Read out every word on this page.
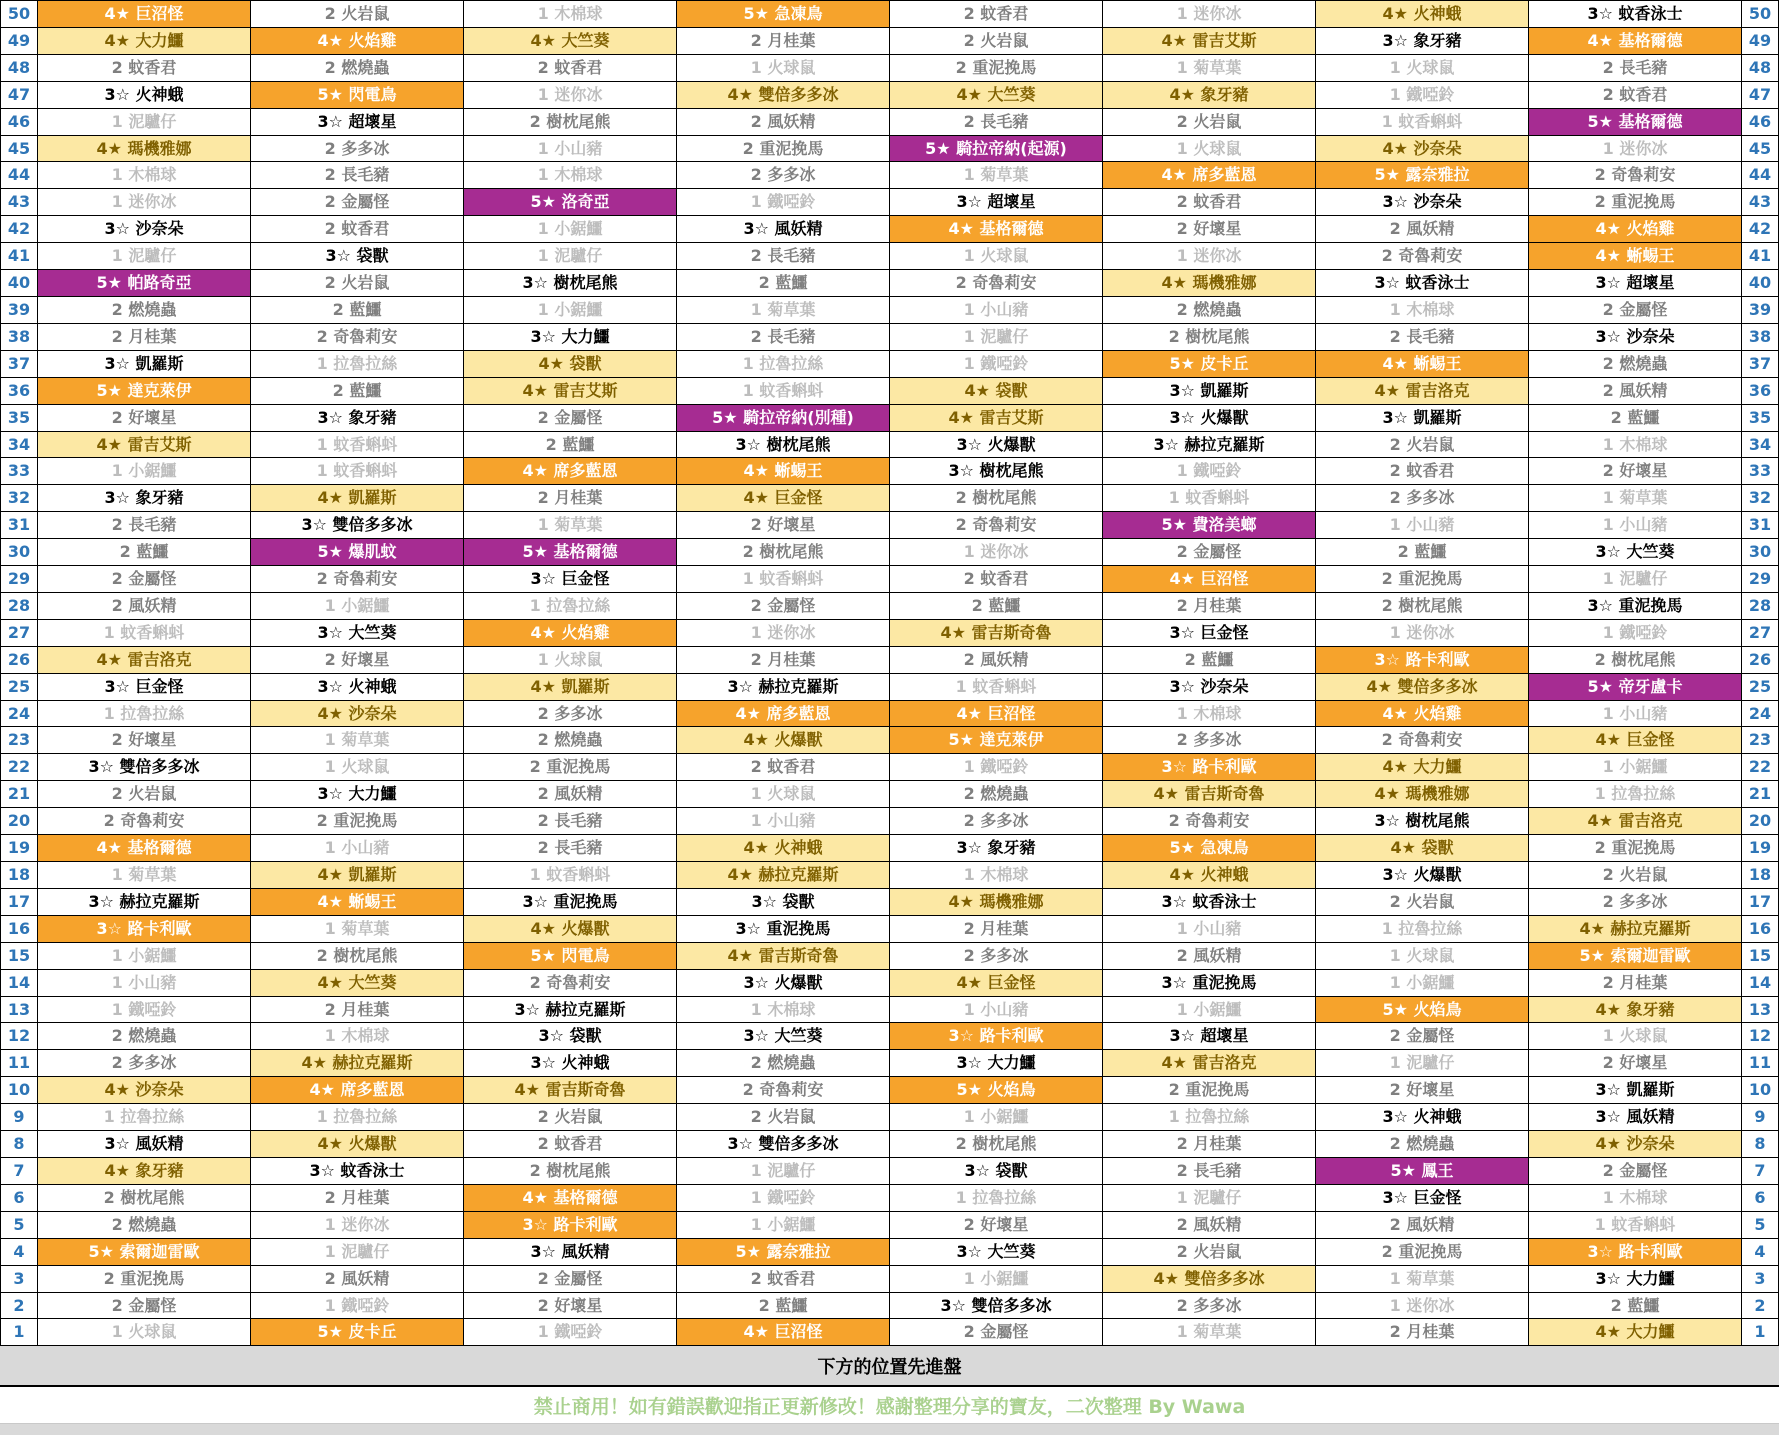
50	4★ 巨沼怪	2 火岩鼠	1 木棉球	5★ 急凍鳥	2 蚊香君	1 迷你冰	4★ 火神蛾	3☆ 蚊香泳士	50
49	4★ 大力鱷	4★ 火焰雞	4★ 大竺葵	2 月桂葉	2 火岩鼠	4★ 雷吉艾斯	3☆ 象牙豬	4★ 基格爾德	49
48	2 蚊香君	2 燃燒蟲	2 蚊香君	1 火球鼠	2 重泥挽馬	1 菊草葉	1 火球鼠	2 長毛豬	48
47	3☆ 火神蛾	5★ 閃電鳥	1 迷你冰	4★ 雙倍多多冰	4★ 大竺葵	4★ 象牙豬	1 鐵啞鈴	2 蚊香君	47
46	1 泥驢仔	3☆ 超壞星	2 樹枕尾熊	2 風妖精	2 長毛豬	2 火岩鼠	1 蚊香蝌蚪	5★ 基格爾德	46
45	4★ 瑪機雅娜	2 多多冰	1 小山豬	2 重泥挽馬	5★ 騎拉帝納(起源)	1 火球鼠	4★ 沙奈朵	1 迷你冰	45
44	1 木棉球	2 長毛豬	1 木棉球	2 多多冰	1 菊草葉	4★ 席多藍恩	5★ 露奈雅拉	2 奇魯莉安	44
43	1 迷你冰	2 金屬怪	5★ 洛奇亞	1 鐵啞鈴	3☆ 超壞星	2 蚊香君	3☆ 沙奈朵	2 重泥挽馬	43
42	3☆ 沙奈朵	2 蚊香君	1 小鋸鱷	3☆ 風妖精	4★ 基格爾德	2 好壞星	2 風妖精	4★ 火焰雞	42
41	1 泥驢仔	3☆ 袋獸	1 泥驢仔	2 長毛豬	1 火球鼠	1 迷你冰	2 奇魯莉安	4★ 蜥蜴王	41
40	5★ 帕路奇亞	2 火岩鼠	3☆ 樹枕尾熊	2 藍鱷	2 奇魯莉安	4★ 瑪機雅娜	3☆ 蚊香泳士	3☆ 超壞星	40
39	2 燃燒蟲	2 藍鱷	1 小鋸鱷	1 菊草葉	1 小山豬	2 燃燒蟲	1 木棉球	2 金屬怪	39
38	2 月桂葉	2 奇魯莉安	3☆ 大力鱷	2 長毛豬	1 泥驢仔	2 樹枕尾熊	2 長毛豬	3☆ 沙奈朵	38
37	3☆ 凱羅斯	1 拉魯拉絲	4★ 袋獸	1 拉魯拉絲	1 鐵啞鈴	5★ 皮卡丘	4★ 蜥蜴王	2 燃燒蟲	37
36	5★ 達克萊伊	2 藍鱷	4★ 雷吉艾斯	1 蚊香蝌蚪	4★ 袋獸	3☆ 凱羅斯	4★ 雷吉洛克	2 風妖精	36
35	2 好壞星	3☆ 象牙豬	2 金屬怪	5★ 騎拉帝納(別種)	4★ 雷吉艾斯	3☆ 火爆獸	3☆ 凱羅斯	2 藍鱷	35
34	4★ 雷吉艾斯	1 蚊香蝌蚪	2 藍鱷	3☆ 樹枕尾熊	3☆ 火爆獸	3☆ 赫拉克羅斯	2 火岩鼠	1 木棉球	34
33	1 小鋸鱷	1 蚊香蝌蚪	4★ 席多藍恩	4★ 蜥蜴王	3☆ 樹枕尾熊	1 鐵啞鈴	2 蚊香君	2 好壞星	33
32	3☆ 象牙豬	4★ 凱羅斯	2 月桂葉	4★ 巨金怪	2 樹枕尾熊	1 蚊香蝌蚪	2 多多冰	1 菊草葉	32
31	2 長毛豬	3☆ 雙倍多多冰	1 菊草葉	2 好壞星	2 奇魯莉安	5★ 費洛美螂	1 小山豬	1 小山豬	31
30	2 藍鱷	5★ 爆肌蚊	5★ 基格爾德	2 樹枕尾熊	1 迷你冰	2 金屬怪	2 藍鱷	3☆ 大竺葵	30
29	2 金屬怪	2 奇魯莉安	3☆ 巨金怪	1 蚊香蝌蚪	2 蚊香君	4★ 巨沼怪	2 重泥挽馬	1 泥驢仔	29
28	2 風妖精	1 小鋸鱷	1 拉魯拉絲	2 金屬怪	2 藍鱷	2 月桂葉	2 樹枕尾熊	3☆ 重泥挽馬	28
27	1 蚊香蝌蚪	3☆ 大竺葵	4★ 火焰雞	1 迷你冰	4★ 雷吉斯奇魯	3☆ 巨金怪	1 迷你冰	1 鐵啞鈴	27
26	4★ 雷吉洛克	2 好壞星	1 火球鼠	2 月桂葉	2 風妖精	2 藍鱷	3☆ 路卡利歐	2 樹枕尾熊	26
25	3☆ 巨金怪	3☆ 火神蛾	4★ 凱羅斯	3☆ 赫拉克羅斯	1 蚊香蝌蚪	3☆ 沙奈朵	4★ 雙倍多多冰	5★ 帝牙盧卡	25
24	1 拉魯拉絲	4★ 沙奈朵	2 多多冰	4★ 席多藍恩	4★ 巨沼怪	1 木棉球	4★ 火焰雞	1 小山豬	24
23	2 好壞星	1 菊草葉	2 燃燒蟲	4★ 火爆獸	5★ 達克萊伊	2 多多冰	2 奇魯莉安	4★ 巨金怪	23
22	3☆ 雙倍多多冰	1 火球鼠	2 重泥挽馬	2 蚊香君	1 鐵啞鈴	3☆ 路卡利歐	4★ 大力鱷	1 小鋸鱷	22
21	2 火岩鼠	3☆ 大力鱷	2 風妖精	1 火球鼠	2 燃燒蟲	4★ 雷吉斯奇魯	4★ 瑪機雅娜	1 拉魯拉絲	21
20	2 奇魯莉安	2 重泥挽馬	2 長毛豬	1 小山豬	2 多多冰	2 奇魯莉安	3☆ 樹枕尾熊	4★ 雷吉洛克	20
19	4★ 基格爾德	1 小山豬	2 長毛豬	4★ 火神蛾	3☆ 象牙豬	5★ 急凍鳥	4★ 袋獸	2 重泥挽馬	19
18	1 菊草葉	4★ 凱羅斯	1 蚊香蝌蚪	4★ 赫拉克羅斯	1 木棉球	4★ 火神蛾	3☆ 火爆獸	2 火岩鼠	18
17	3☆ 赫拉克羅斯	4★ 蜥蜴王	3☆ 重泥挽馬	3☆ 袋獸	4★ 瑪機雅娜	3☆ 蚊香泳士	2 火岩鼠	2 多多冰	17
16	3☆ 路卡利歐	1 菊草葉	4★ 火爆獸	3☆ 重泥挽馬	2 月桂葉	1 小山豬	1 拉魯拉絲	4★ 赫拉克羅斯	16
15	1 小鋸鱷	2 樹枕尾熊	5★ 閃電鳥	4★ 雷吉斯奇魯	2 多多冰	2 風妖精	1 火球鼠	5★ 索爾迦雷歐	15
14	1 小山豬	4★ 大竺葵	2 奇魯莉安	3☆ 火爆獸	4★ 巨金怪	3☆ 重泥挽馬	1 小鋸鱷	2 月桂葉	14
13	1 鐵啞鈴	2 月桂葉	3☆ 赫拉克羅斯	1 木棉球	1 小山豬	1 小鋸鱷	5★ 火焰鳥	4★ 象牙豬	13
12	2 燃燒蟲	1 木棉球	3☆ 袋獸	3☆ 大竺葵	3☆ 路卡利歐	3☆ 超壞星	2 金屬怪	1 火球鼠	12
11	2 多多冰	4★ 赫拉克羅斯	3☆ 火神蛾	2 燃燒蟲	3☆ 大力鱷	4★ 雷吉洛克	1 泥驢仔	2 好壞星	11
10	4★ 沙奈朵	4★ 席多藍恩	4★ 雷吉斯奇魯	2 奇魯莉安	5★ 火焰鳥	2 重泥挽馬	2 好壞星	3☆ 凱羅斯	10
9	1 拉魯拉絲	1 拉魯拉絲	2 火岩鼠	2 火岩鼠	1 小鋸鱷	1 拉魯拉絲	3☆ 火神蛾	3☆ 風妖精	9
8	3☆ 風妖精	4★ 火爆獸	2 蚊香君	3☆ 雙倍多多冰	2 樹枕尾熊	2 月桂葉	2 燃燒蟲	4★ 沙奈朵	8
7	4★ 象牙豬	3☆ 蚊香泳士	2 樹枕尾熊	1 泥驢仔	3☆ 袋獸	2 長毛豬	5★ 鳳王	2 金屬怪	7
6	2 樹枕尾熊	2 月桂葉	4★ 基格爾德	1 鐵啞鈴	1 拉魯拉絲	1 泥驢仔	3☆ 巨金怪	1 木棉球	6
5	2 燃燒蟲	1 迷你冰	3☆ 路卡利歐	1 小鋸鱷	2 好壞星	2 風妖精	2 風妖精	1 蚊香蝌蚪	5
4	5★ 索爾迦雷歐	1 泥驢仔	3☆ 風妖精	5★ 露奈雅拉	3☆ 大竺葵	2 火岩鼠	2 重泥挽馬	3☆ 路卡利歐	4
3	2 重泥挽馬	2 風妖精	2 金屬怪	2 蚊香君	1 小鋸鱷	4★ 雙倍多多冰	1 菊草葉	3☆ 大力鱷	3
2	2 金屬怪	1 鐵啞鈴	2 好壞星	2 藍鱷	3☆ 雙倍多多冰	2 多多冰	1 迷你冰	2 藍鱷	2
1	1 火球鼠	5★ 皮卡丘	1 鐵啞鈴	4★ 巨沼怪	2 金屬怪	1 菊草葉	2 月桂葉	4★ 大力鱷	1
下方的位置先進盤
禁止商用！如有錯誤歡迎指正更新修改！感謝整理分享的寶友，二次整理 By Wawa
